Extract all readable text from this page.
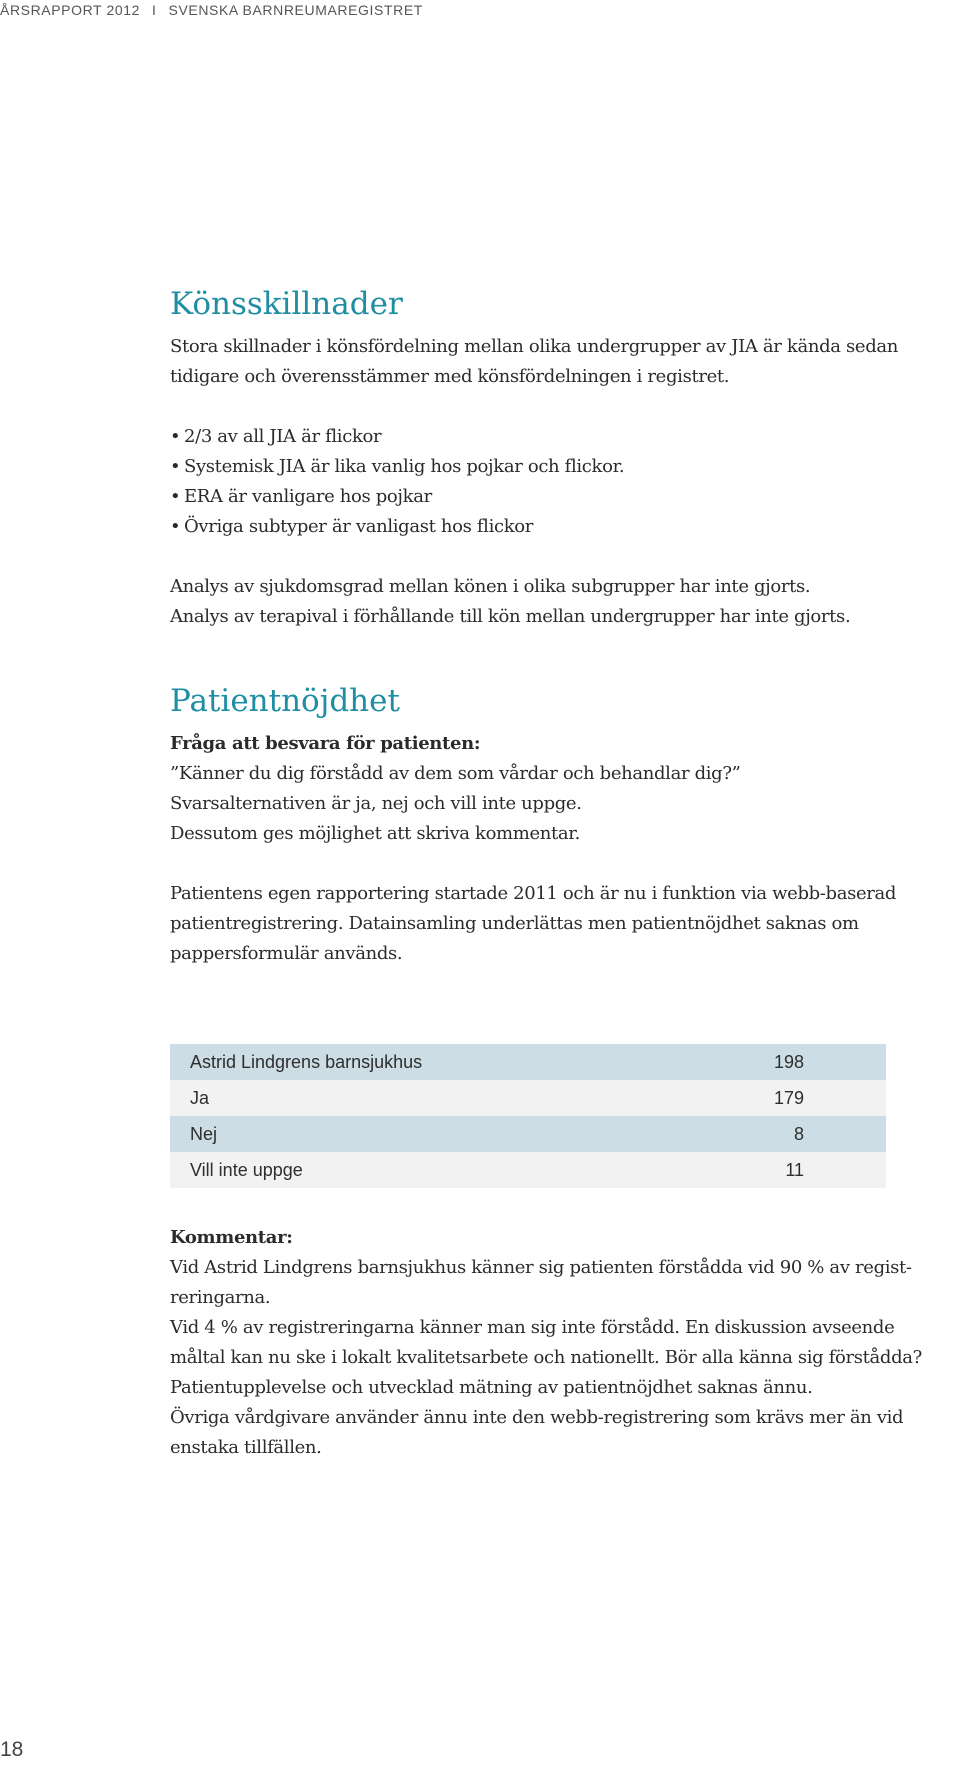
ÅRSRAPPORT 2012 I SVENSKA BARNREUMAREGISTRET
Könsskillnader

Stora skillnader i könsfördelning mellan olika undergrupper av JIA är kända sedan

tidigare och överensstämmer med könsfördelningen i registret.

• 2/3 av all JIA är flickor

• Systemisk JIA är lika vanlig hos pojkar och flickor.

• ERA är vanligare hos pojkar

• Övriga subtyper är vanligast hos flickor

Analys av sjukdomsgrad mellan könen i olika subgrupper har inte gjorts.

Analys av terapival i förhållande till kön mellan undergrupper har inte gjorts.

Patientnöjdhet

Fråga att besvara för patienten:

”Känner du dig förstådd av dem som vårdar och behandlar dig?”

Svarsalternativen är ja, nej och vill inte uppge.

Dessutom ges möjlighet att skriva kommentar.

Patientens egen rapportering startade 2011 och är nu i funktion via webb-baserad

patientregistrering. Datainsamling underlättas men patientnöjdhet saknas om

pappersformulär används.

Astrid Lindgrens barnsjukhus	198
Ja	179
Nej	8
Vill inte uppge	11

Kommentar:

Vid Astrid Lindgrens barnsjukhus känner sig patienten förstådda vid 90 % av regist-

reringarna.

Vid 4 % av registreringarna känner man sig inte förstådd. En diskussion avseende

måltal kan nu ske i lokalt kvalitetsarbete och nationellt. Bör alla känna sig förstådda?

Patientupplevelse och utvecklad mätning av patientnöjdhet saknas ännu.

Övriga vårdgivare använder ännu inte den webb-registrering som krävs mer än vid

enstaka tillfällen.

18
